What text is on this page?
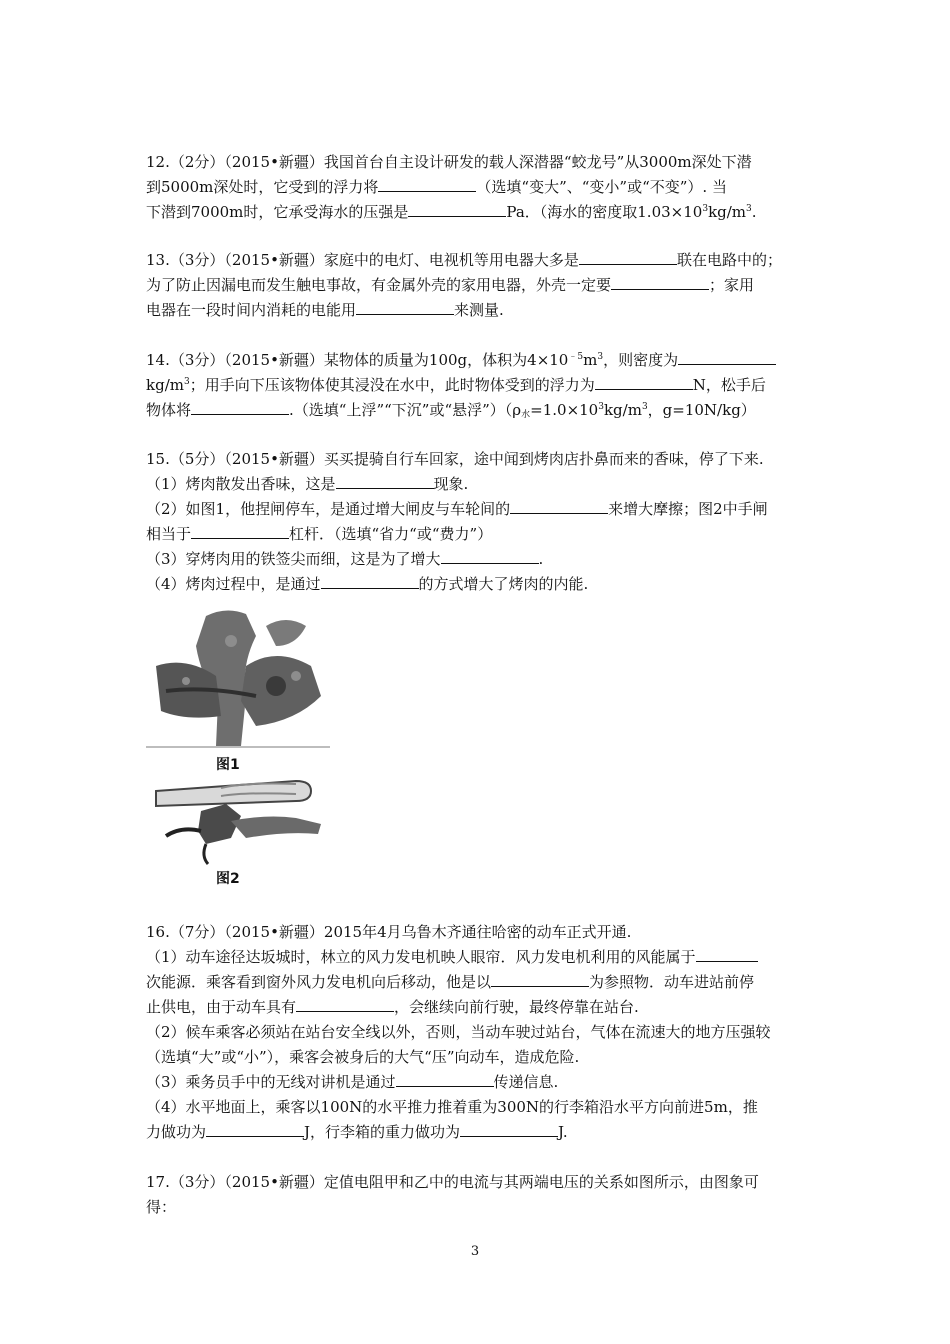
12.（2分）（2015•新疆）我国首台自主设计研发的载人深潜器“蛟龙号”从3000m深处下潜
到5000m深处时，它受到的浮力将	（选填“变大”、“变小”或“不变”）. 当
下潜到7000m时，它承受海水的压强是	Pa．（海水的密度取$1.03\times 10^3kg/m^3$.
13.（3分）（2015•新疆）家庭中的电灯、电视机等用电器大多是	联在电路中的；
为了防止因漏电而发生触电事故，有金属外壳的家用电器，外壳一定要	；家用
电器在一段时间内消耗的电能用	来测量.
14.（3分）（2015•新疆）某物体的质量为100g，体积为$4\times 10^{﹣5}m^3$，则密度为
$kg/m^3$；用手向下压该物体使其浸没在水中，此时物体受到的浮力为	N，松手后
物体将	.（选填“上浮”“下沉”或“悬浮$”)(\rho_水=1.0\times 10^3kg/m^3$，g=10N/kg）
15.（5分）（2015•新疆）买买提骑自行车回家，途中闻到烤肉店扑鼻而来的香味，停了下来.
（1）烤肉散发出香味，这是	现象.
（2）如图1，他捏闸停车，是通过增大闸皮与车轮间的	来增大摩擦；图2中手闸
相当于	杠杆．（选填“省力“或“费力”）
（3）穿烤肉用的铁签尖而细，这是为了增大	.
（4）烤肉过程中，是通过	的方式增大了烤肉的内能.
图1
图2
16.（7分）（2015•新疆）2015年4月乌鲁木齐通往哈密的动车正式开通.
（1）动车途径达坂城时，林立的风力发电机映人眼帘．风力发电机利用的风能属于
次能源．乘客看到窗外风力发电机向后移动，他是以	为参照物．动车进站前停
止供电，由于动车具有	，会继续向前行驶，最终停靠在站台.
（2）候车乘客必须站在站台安全线以外，否则，当动车驶过站台，气体在流速大的地方压强较
（选填“大”或“小”），乘客会被身后的大气“压”向动车，造成危险.
（3）乘务员手中的无线对讲机是通过	传递信息.
（4）水平地面上，乘客以100N的水平推力推着重为300N的行李箱沿水平方向前进5m，推
力做功为	J，行李箱的重力做功为	J.
17.（3分）（2015•新疆）定值电阻甲和乙中的电流与其两端电压的关系如图所示，由图象可
得：
3
